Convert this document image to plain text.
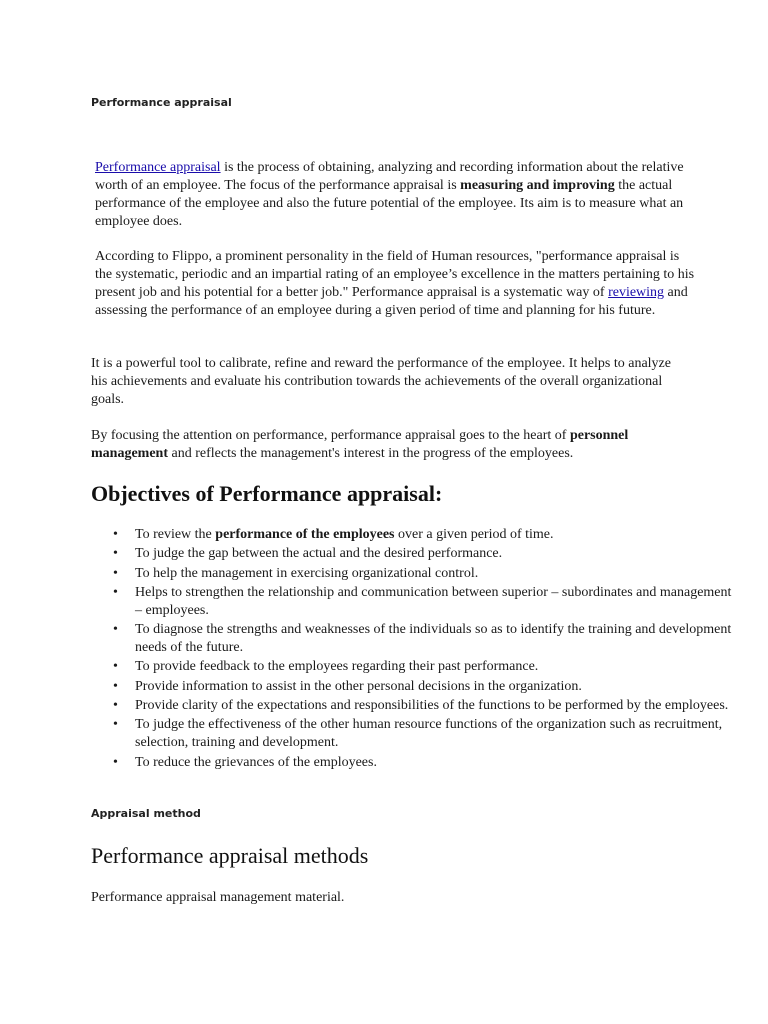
Performance appraisal

Performance appraisal is the process of obtaining, analyzing and recording information about the relative worth of an employee. The focus of the performance appraisal is measuring and improving the actual performance of the employee and also the future potential of the employee. Its aim is to measure what an employee does.

According to Flippo, a prominent personality in the field of Human resources, "performance appraisal is the systematic, periodic and an impartial rating of an employee’s excellence in the matters pertaining to his present job and his potential for a better job." Performance appraisal is a systematic way of reviewing and assessing the performance of an employee during a given period of time and planning for his future.

It is a powerful tool to calibrate, refine and reward the performance of the employee. It helps to analyze his achievements and evaluate his contribution towards the achievements of the overall organizational goals.

By focusing the attention on performance, performance appraisal goes to the heart of personnel management and reflects the management's interest in the progress of the employees.

Objectives of Performance appraisal:
• To review the performance of the employees over a given period of time.
• To judge the gap between the actual and the desired performance.
• To help the management in exercising organizational control.
• Helps to strengthen the relationship and communication between superior – subordinates and management – employees.
• To diagnose the strengths and weaknesses of the individuals so as to identify the training and development needs of the future.
• To provide feedback to the employees regarding their past performance.
• Provide information to assist in the other personal decisions in the organization.
• Provide clarity of the expectations and responsibilities of the functions to be performed by the employees.
• To judge the effectiveness of the other human resource functions of the organization such as recruitment, selection, training and development.
• To reduce the grievances of the employees.

Appraisal method

Performance appraisal methods

Performance appraisal management material.
